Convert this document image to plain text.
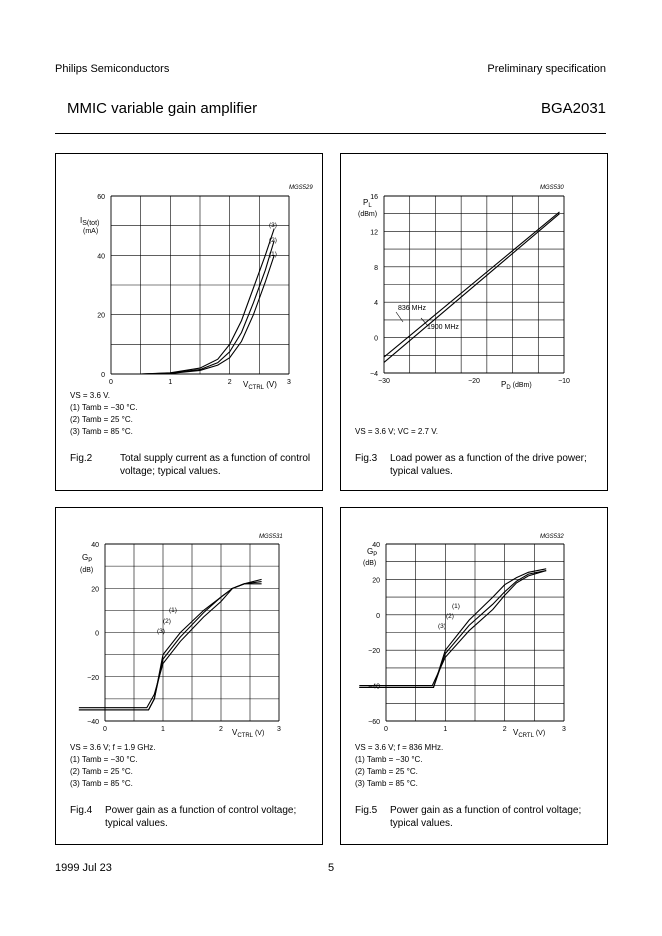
Philips Semiconductors	Preliminary specification
MMIC variable gain amplifier	BGA2031
MGS529
IS(tot)
(mA)
$V_{CTRL}$ (V)
0	1	2	3
0
20
40
60
(3)
(2)
(1)
VS = 3.6 V.
(1) Tamb = −30 °C.
(2) Tamb = 25 °C.
(3) Tamb = 85 °C.
Fig.2	Total supply current as a function of control
voltage; typical values.
MGS530
$P_L$
(dBm)
$P_D$ (dBm)
−30	−20	−10
−4
0
4
8
12
16
836 MHz
1900 MHz
VS = 3.6 V; VC = 2.7 V.
Fig.3 Load power as a function of the drive power;
typical values.
MGS531
$G_P$
(dB)
$V_{CTRL}$ (V)
0	1	2	3
−40
−20
0
20
40
(1)
(2)
(3)
VS = 3.6 V; f = 1.9 GHz.
(1) Tamb = −30 °C.
(2) Tamb = 25 °C.
(3) Tamb = 85 °C.
Fig.4 Power gain as a function of control voltage;
typical values.
MGS532
$G_P$
(dB)
$V_{CRTL}$ (V)
0	1	2	3
−60
−40
−20
0
20
40
(1)
(2)
(3)
VS = 3.6 V; f = 836 MHz.
(1) Tamb = −30 °C.
(2) Tamb = 25 °C.
(3) Tamb = 85 °C.
Fig.5 Power gain as a function of control voltage;
typical values.
1999 Jul 23	5
